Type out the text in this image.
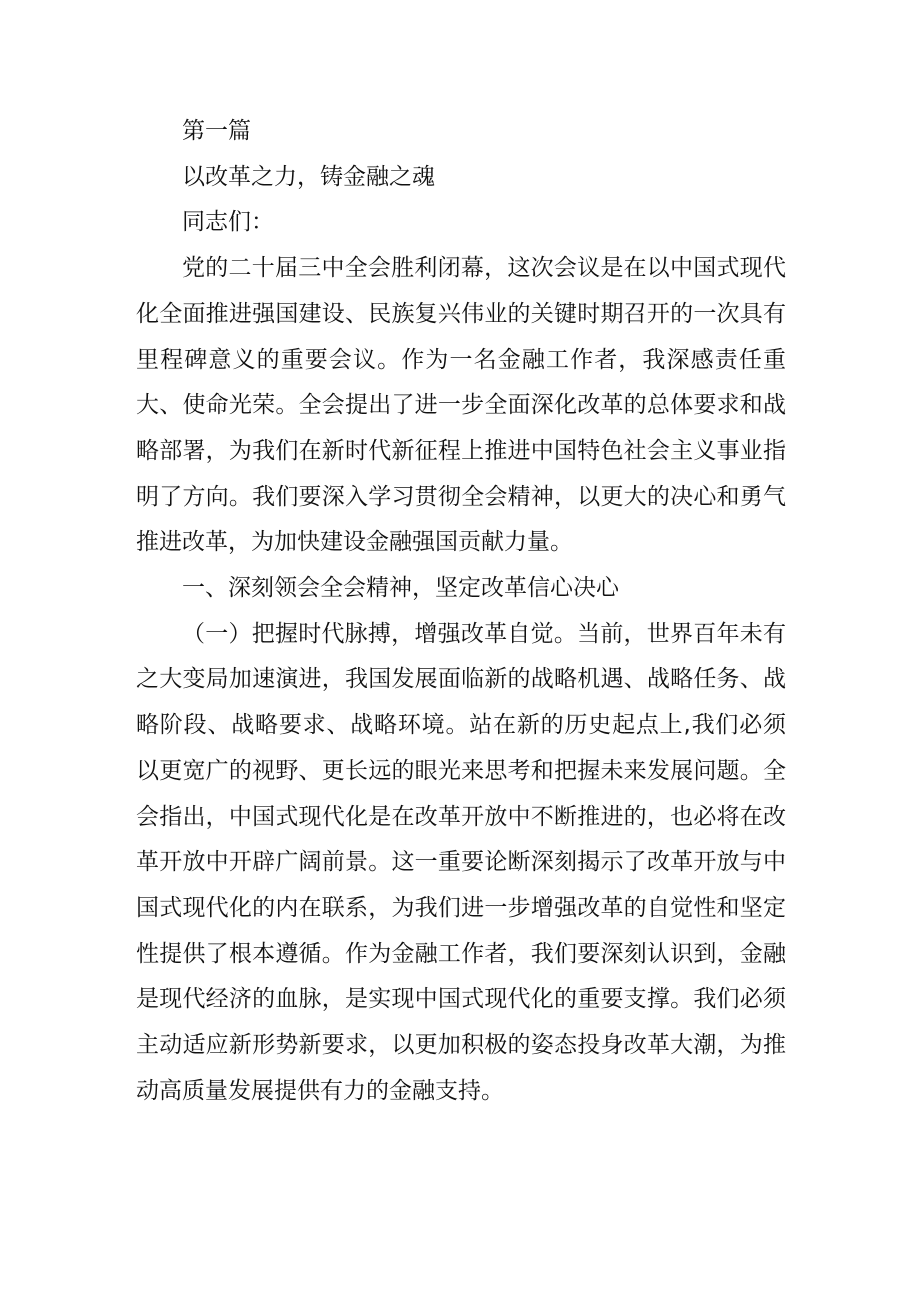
第一篇
以改革之力，铸金融之魂
同志们：

党的二十届三中全会胜利闭幕，这次会议是在以中国式现代化全面推进强国建设、民族复兴伟业的关键时期召开的一次具有里程碑意义的重要会议。作为一名金融工作者，我深感责任重大、使命光荣。全会提出了进一步全面深化改革的总体要求和战略部署，为我们在新时代新征程上推进中国特色社会主义事业指明了方向。我们要深入学习贯彻全会精神，以更大的决心和勇气推进改革，为加快建设金融强国贡献力量。

一、深刻领会全会精神，坚定改革信心决心

（一）把握时代脉搏，增强改革自觉。当前，世界百年未有之大变局加速演进，我国发展面临新的战略机遇、战略任务、战略阶段、战略要求、战略环境。站在新的历史起点上,我们必须以更宽广的视野、更长远的眼光来思考和把握未来发展问题。全会指出，中国式现代化是在改革开放中不断推进的，也必将在改革开放中开辟广阔前景。这一重要论断深刻揭示了改革开放与中国式现代化的内在联系，为我们进一步增强改革的自觉性和坚定性提供了根本遵循。作为金融工作者，我们要深刻认识到，金融是现代经济的血脉，是实现中国式现代化的重要支撑。我们必须主动适应新形势新要求，以更加积极的姿态投身改革大潮，为推动高质量发展提供有力的金融支持。
